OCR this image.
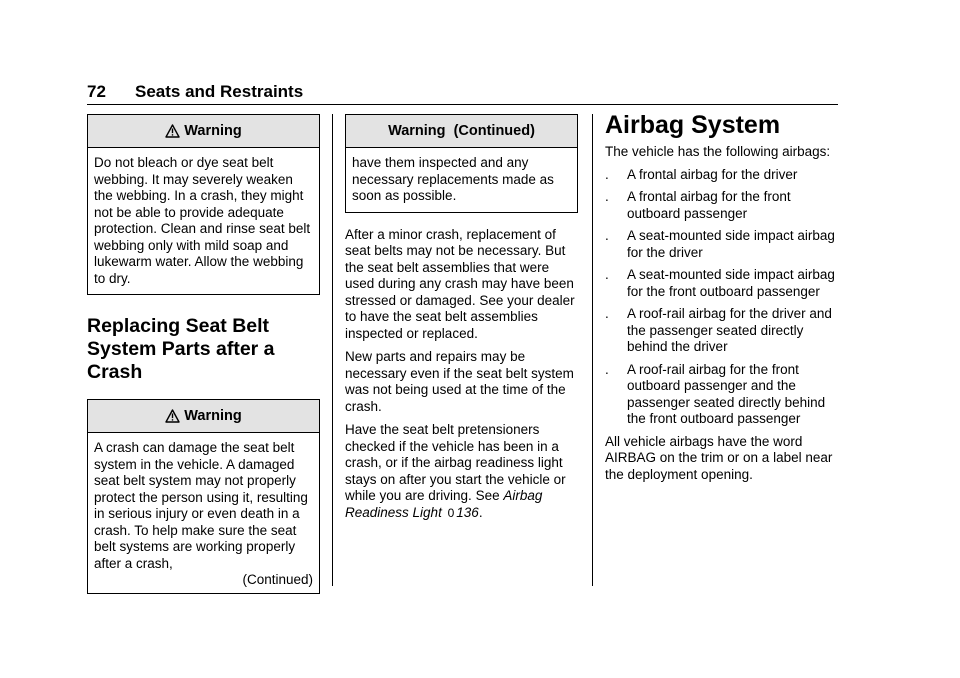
72 Seats and Restraints
Warning
Do not bleach or dye seat belt webbing. It may severely weaken the webbing. In a crash, they might not be able to provide adequate protection. Clean and rinse seat belt webbing only with mild soap and lukewarm water. Allow the webbing to dry.
Replacing Seat Belt System Parts after a Crash
Warning
A crash can damage the seat belt system in the vehicle. A damaged seat belt system may not properly protect the person using it, resulting in serious injury or even death in a crash. To help make sure the seat belt systems are working properly after a crash,
(Continued)
Warning  (Continued)
have them inspected and any necessary replacements made as soon as possible.

After a minor crash, replacement of seat belts may not be necessary. But the seat belt assemblies that were used during any crash may have been stressed or damaged. See your dealer to have the seat belt assemblies inspected or replaced.

New parts and repairs may be necessary even if the seat belt system was not being used at the time of the crash.

Have the seat belt pretensioners checked if the vehicle has been in a crash, or if the airbag readiness light stays on after you start the vehicle or while you are driving. See Airbag Readiness Light 0 136.

Airbag System

The vehicle has the following airbags:

. A frontal airbag for the driver
. A frontal airbag for the front outboard passenger
. A seat-mounted side impact airbag for the driver
. A seat-mounted side impact airbag for the front outboard passenger
. A roof-rail airbag for the driver and the passenger seated directly behind the driver
. A roof-rail airbag for the front outboard passenger and the passenger seated directly behind the front outboard passenger

All vehicle airbags have the word AIRBAG on the trim or on a label near the deployment opening.
